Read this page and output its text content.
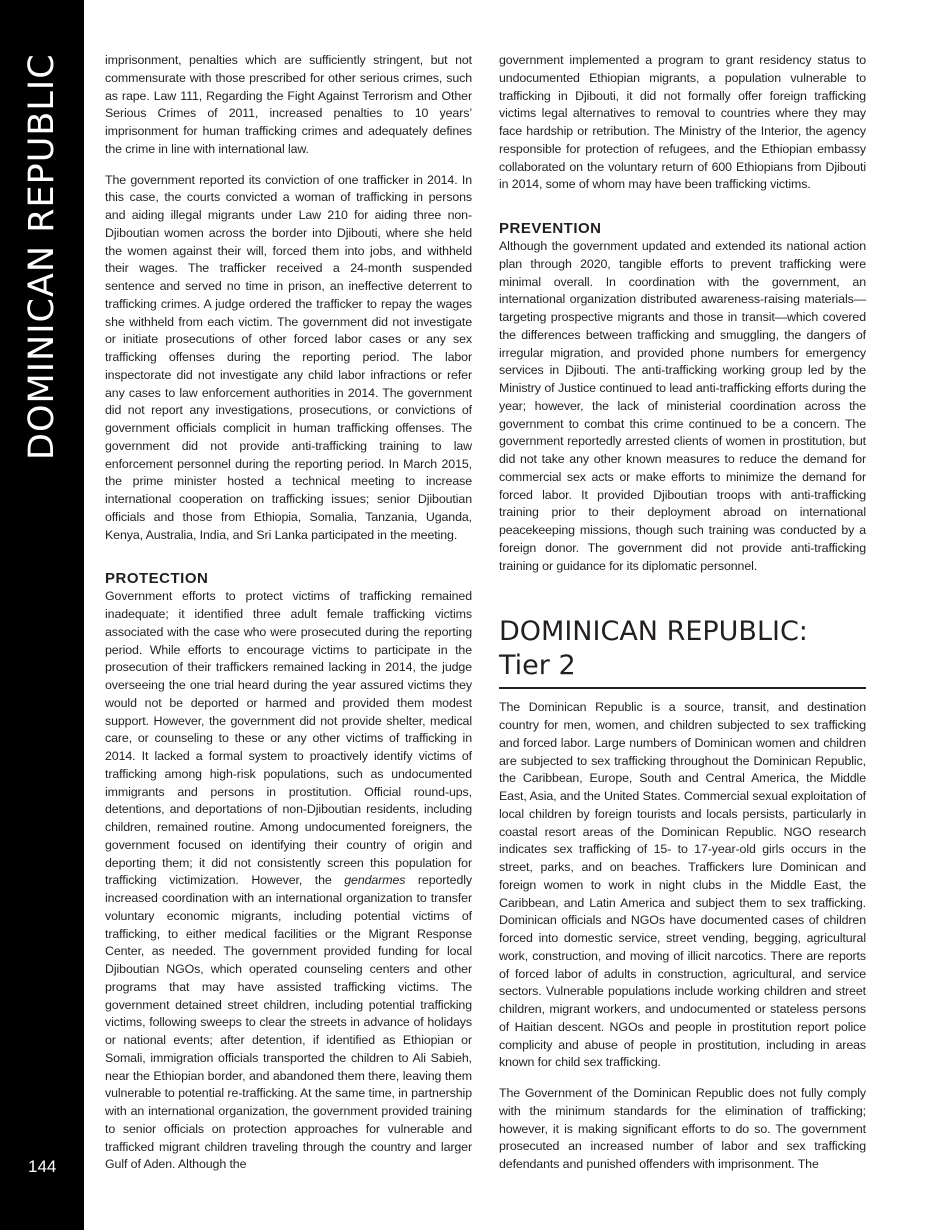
DOMINICAN REPUBLIC
144

imprisonment, penalties which are sufficiently stringent, but not commensurate with those prescribed for other serious crimes, such as rape. Law 111, Regarding the Fight Against Terrorism and Other Serious Crimes of 2011, increased penalties to 10 years’ imprisonment for human trafficking crimes and adequately defines the crime in line with international law.

The government reported its conviction of one trafficker in 2014. In this case, the courts convicted a woman of trafficking in persons and aiding illegal migrants under Law 210 for aiding three non-Djiboutian women across the border into Djibouti, where she held the women against their will, forced them into jobs, and withheld their wages. The trafficker received a 24-month suspended sentence and served no time in prison, an ineffective deterrent to trafficking crimes. A judge ordered the trafficker to repay the wages she withheld from each victim. The government did not investigate or initiate prosecutions of other forced labor cases or any sex trafficking offenses during the reporting period. The labor inspectorate did not investigate any child labor infractions or refer any cases to law enforcement authorities in 2014. The government did not report any investigations, prosecutions, or convictions of government officials complicit in human trafficking offenses. The government did not provide anti-trafficking training to law enforcement personnel during the reporting period. In March 2015, the prime minister hosted a technical meeting to increase international cooperation on trafficking issues; senior Djiboutian officials and those from Ethiopia, Somalia, Tanzania, Uganda, Kenya, Australia, India, and Sri Lanka participated in the meeting.

PROTECTION

Government efforts to protect victims of trafficking remained inadequate; it identified three adult female trafficking victims associated with the case who were prosecuted during the reporting period. While efforts to encourage victims to participate in the prosecution of their traffickers remained lacking in 2014, the judge overseeing the one trial heard during the year assured victims they would not be deported or harmed and provided them modest support. However, the government did not provide shelter, medical care, or counseling to these or any other victims of trafficking in 2014. It lacked a formal system to proactively identify victims of trafficking among high-risk populations, such as undocumented immigrants and persons in prostitution. Official round-ups, detentions, and deportations of non-Djiboutian residents, including children, remained routine. Among undocumented foreigners, the government focused on identifying their country of origin and deporting them; it did not consistently screen this population for trafficking victimization. However, the gendarmes reportedly increased coordination with an international organization to transfer voluntary economic migrants, including potential victims of trafficking, to either medical facilities or the Migrant Response Center, as needed. The government provided funding for local Djiboutian NGOs, which operated counseling centers and other programs that may have assisted trafficking victims. The government detained street children, including potential trafficking victims, following sweeps to clear the streets in advance of holidays or national events; after detention, if identified as Ethiopian or Somali, immigration officials transported the children to Ali Sabieh, near the Ethiopian border, and abandoned them there, leaving them vulnerable to potential re-trafficking. At the same time, in partnership with an international organization, the government provided training to senior officials on protection approaches for vulnerable and trafficked migrant children traveling through the country and larger Gulf of Aden. Although the

government implemented a program to grant residency status to undocumented Ethiopian migrants, a population vulnerable to trafficking in Djibouti, it did not formally offer foreign trafficking victims legal alternatives to removal to countries where they may face hardship or retribution. The Ministry of the Interior, the agency responsible for protection of refugees, and the Ethiopian embassy collaborated on the voluntary return of 600 Ethiopians from Djibouti in 2014, some of whom may have been trafficking victims.

PREVENTION

Although the government updated and extended its national action plan through 2020, tangible efforts to prevent trafficking were minimal overall. In coordination with the government, an international organization distributed awareness-raising materials—targeting prospective migrants and those in transit—which covered the differences between trafficking and smuggling, the dangers of irregular migration, and provided phone numbers for emergency services in Djibouti. The anti-trafficking working group led by the Ministry of Justice continued to lead anti-trafficking efforts during the year; however, the lack of ministerial coordination across the government to combat this crime continued to be a concern. The government reportedly arrested clients of women in prostitution, but did not take any other known measures to reduce the demand for commercial sex acts or make efforts to minimize the demand for forced labor. It provided Djiboutian troops with anti-trafficking training prior to their deployment abroad on international peacekeeping missions, though such training was conducted by a foreign donor. The government did not provide anti-trafficking training or guidance for its diplomatic personnel.

DOMINICAN REPUBLIC:
Tier 2

The Dominican Republic is a source, transit, and destination country for men, women, and children subjected to sex trafficking and forced labor. Large numbers of Dominican women and children are subjected to sex trafficking throughout the Dominican Republic, the Caribbean, Europe, South and Central America, the Middle East, Asia, and the United States. Commercial sexual exploitation of local children by foreign tourists and locals persists, particularly in coastal resort areas of the Dominican Republic. NGO research indicates sex trafficking of 15- to 17-year-old girls occurs in the street, parks, and on beaches. Traffickers lure Dominican and foreign women to work in night clubs in the Middle East, the Caribbean, and Latin America and subject them to sex trafficking. Dominican officials and NGOs have documented cases of children forced into domestic service, street vending, begging, agricultural work, construction, and moving of illicit narcotics. There are reports of forced labor of adults in construction, agricultural, and service sectors. Vulnerable populations include working children and street children, migrant workers, and undocumented or stateless persons of Haitian descent. NGOs and people in prostitution report police complicity and abuse of people in prostitution, including in areas known for child sex trafficking.

The Government of the Dominican Republic does not fully comply with the minimum standards for the elimination of trafficking; however, it is making significant efforts to do so. The government prosecuted an increased number of labor and sex trafficking defendants and punished offenders with imprisonment. The
